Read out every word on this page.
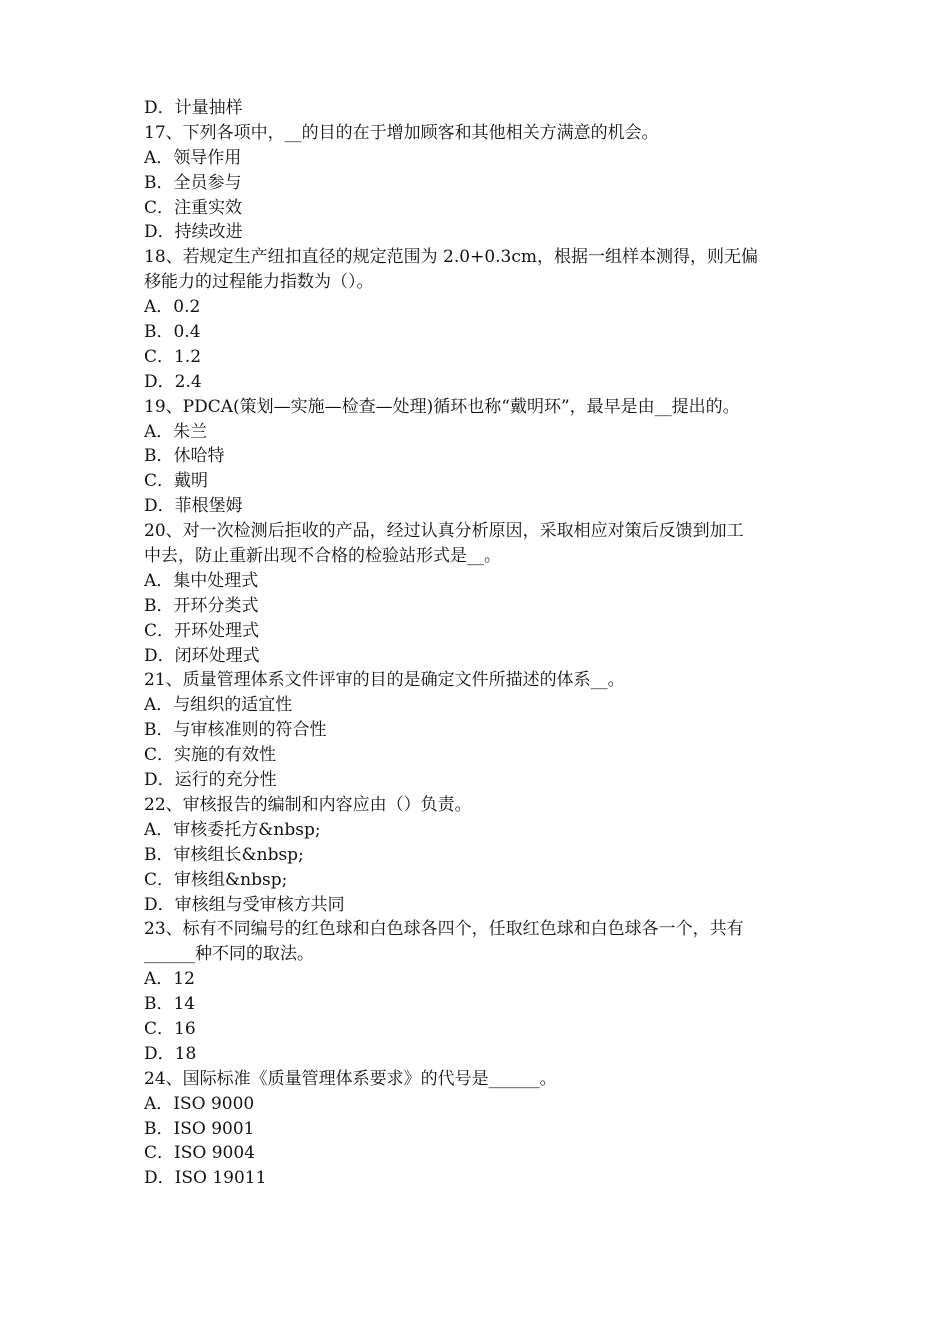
D．计量抽样
17、下列各项中，__的目的在于增加顾客和其他相关方满意的机会。
A．领导作用
B．全员参与
C．注重实效
D．持续改进
18、若规定生产纽扣直径的规定范围为 2.0+0.3cm，根据一组样本测得，则无偏
移能力的过程能力指数为（）。
A．0.2
B．0.4
C．1.2
D．2.4
19、PDCA(策划—实施—检查—处理)循环也称“戴明环”，最早是由__提出的。
A．朱兰
B．休哈特
C．戴明
D．菲根堡姆
20、对一次检测后拒收的产品，经过认真分析原因，采取相应对策后反馈到加工
中去，防止重新出现不合格的检验站形式是__。
A．集中处理式
B．开环分类式
C．开环处理式
D．闭环处理式
21、质量管理体系文件评审的目的是确定文件所描述的体系__。
A．与组织的适宜性
B．与审核准则的符合性
C．实施的有效性
D．运行的充分性
22、审核报告的编制和内容应由（）负责。
A．审核委托方&nbsp;
B．审核组长&nbsp;
C．审核组&nbsp;
D．审核组与受审核方共同
23、标有不同编号的红色球和白色球各四个，任取红色球和白色球各一个，共有
______种不同的取法。
A．12
B．14
C．16
D．18
24、国际标准《质量管理体系要求》的代号是______。
A．ISO 9000
B．ISO 9001
C．ISO 9004
D．ISO 19011
